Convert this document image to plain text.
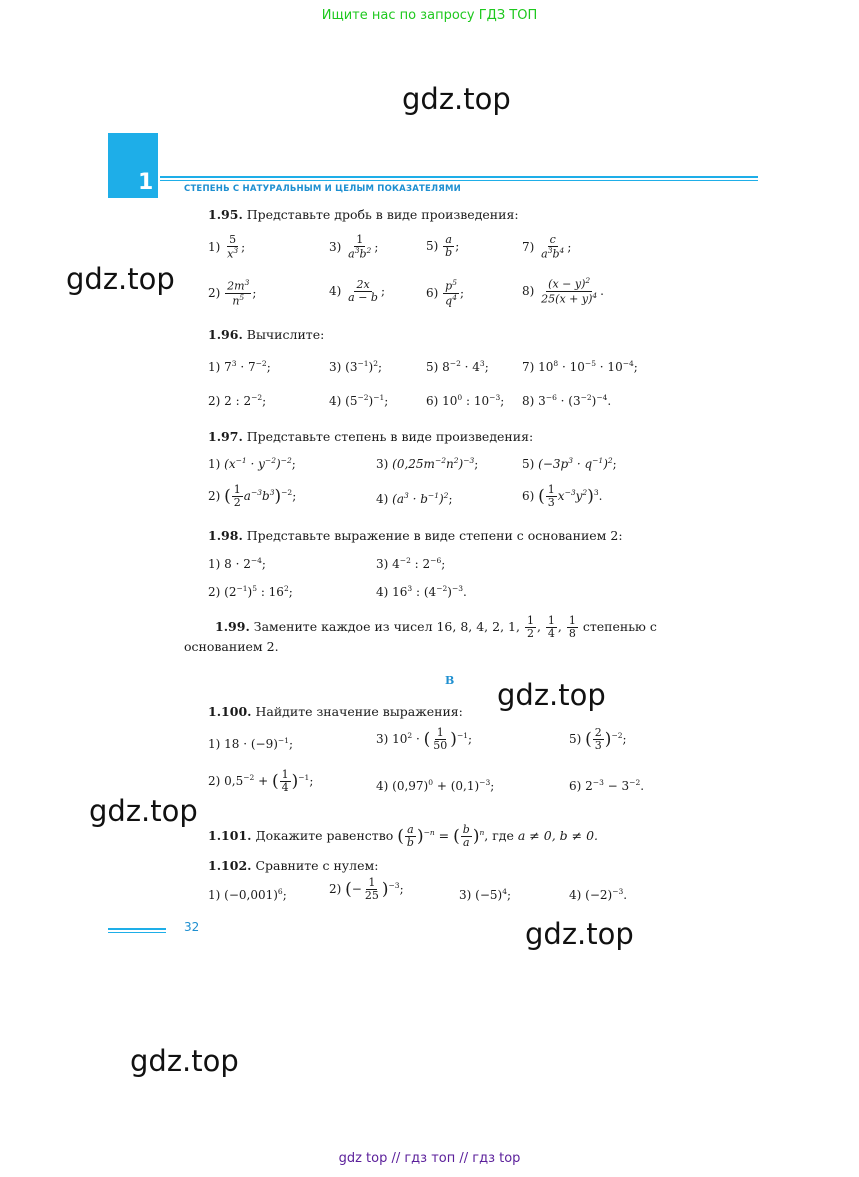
Ищите нас по запросу ГДЗ ТОП
gdz.top
gdz.top
gdz.top
gdz.top
gdz.top
gdz.top
1	СТЕПЕНЬ С НАТУРАЛЬНЫМ И ЦЕЛЫМ ПОКАЗАТЕЛЯМИ
1.95. Представьте дробь в виде произведения:
$1) \frac{5}{x^3}$ ;	$3) \frac{1}{a^3b^2}$ ;	$5) \frac{a}{b}$ ;	$7) \frac{c}{a^3b^4}$ ;
$2) \frac{2m^3}{n^5}$ ;	$4) \frac{2x}{a - b}$ ;	$6) \frac{p^5}{q^4}$ ;	$8) \frac{(x - y)^2}{25(x + y)^4}$ .
1.96. Вычислите:
1) $7^3 \cdot 7^{-2}$;	3) $(3^{-1})^2$;	5) $8^{-2} \cdot 4^3$;	7) $10^8 \cdot 10^{-5} \cdot 10^{-4}$;
2) 2 : $2^{-2}$;	4) $(5^{-2})^{-1}$;	6) $10^0$ : $10^{-3}$; 8) $3^{-6} \cdot (3^{-2})^{-4}$.
1.97. Представьте степень в виде произведения:
1) $(x^{-1} \cdot y^{-2})^{-2}$;	3) $(0,25m^{-2}n^2)^{-3}$;	5) $(-3p^3 \cdot q^{-1})^2$;
2) ( $\frac{1}{2} a^{-3}b^3)^{-2}$;	4) $(a^3 \cdot b^{-1})^2$;	6) ( $\frac{1}{3} x^{-3}y^2)^3$.
1.98. Представьте выражение в виде степени с основанием 2:
1) $8 \cdot 2^{-4}$;	3) $4^{-2}$ : $2^{-6}$;
2) $(2^{-1})^5$ : $16^2$;	4) $16^3$ : $(4^{-2})^{-3}$.
1.99. Замените каждое из чисел 16, 8, 4, 2, 1, $\frac{1}{2}$ , $\frac{1}{4}$ , $\frac{1}{8}$ степенью с
основанием 2.
В
1.100. Найдите значение выражения:
1) $18 \cdot (-9)^{-1}$;	3) $10^2$ · ( $\frac{1}{50} )^{-1}$;	5) ( $\frac{2}{3} )^{-2}$;
2) $0,5^{-2}$ + ( $\frac{1}{4} )^{-1}$;	4) $(0,97)^0 + (0,1)^{-3}$;	6) $2^{-3} - 3^{-2}$.
1.101. Докажите равенство ( $\frac{a}{b} )^{-n}$ = ( $\frac{b}{a} )^n$, где a ≠ 0, b ≠ 0.
1.102. Сравните с нулем:
1) $(-0,001)^6$;	2) (− $\frac{1}{25} )^{-3}$;	3) $(-5)^4$;	4) $(-2)^{-3}$.
32
gdz top // гдз топ // гдз top
